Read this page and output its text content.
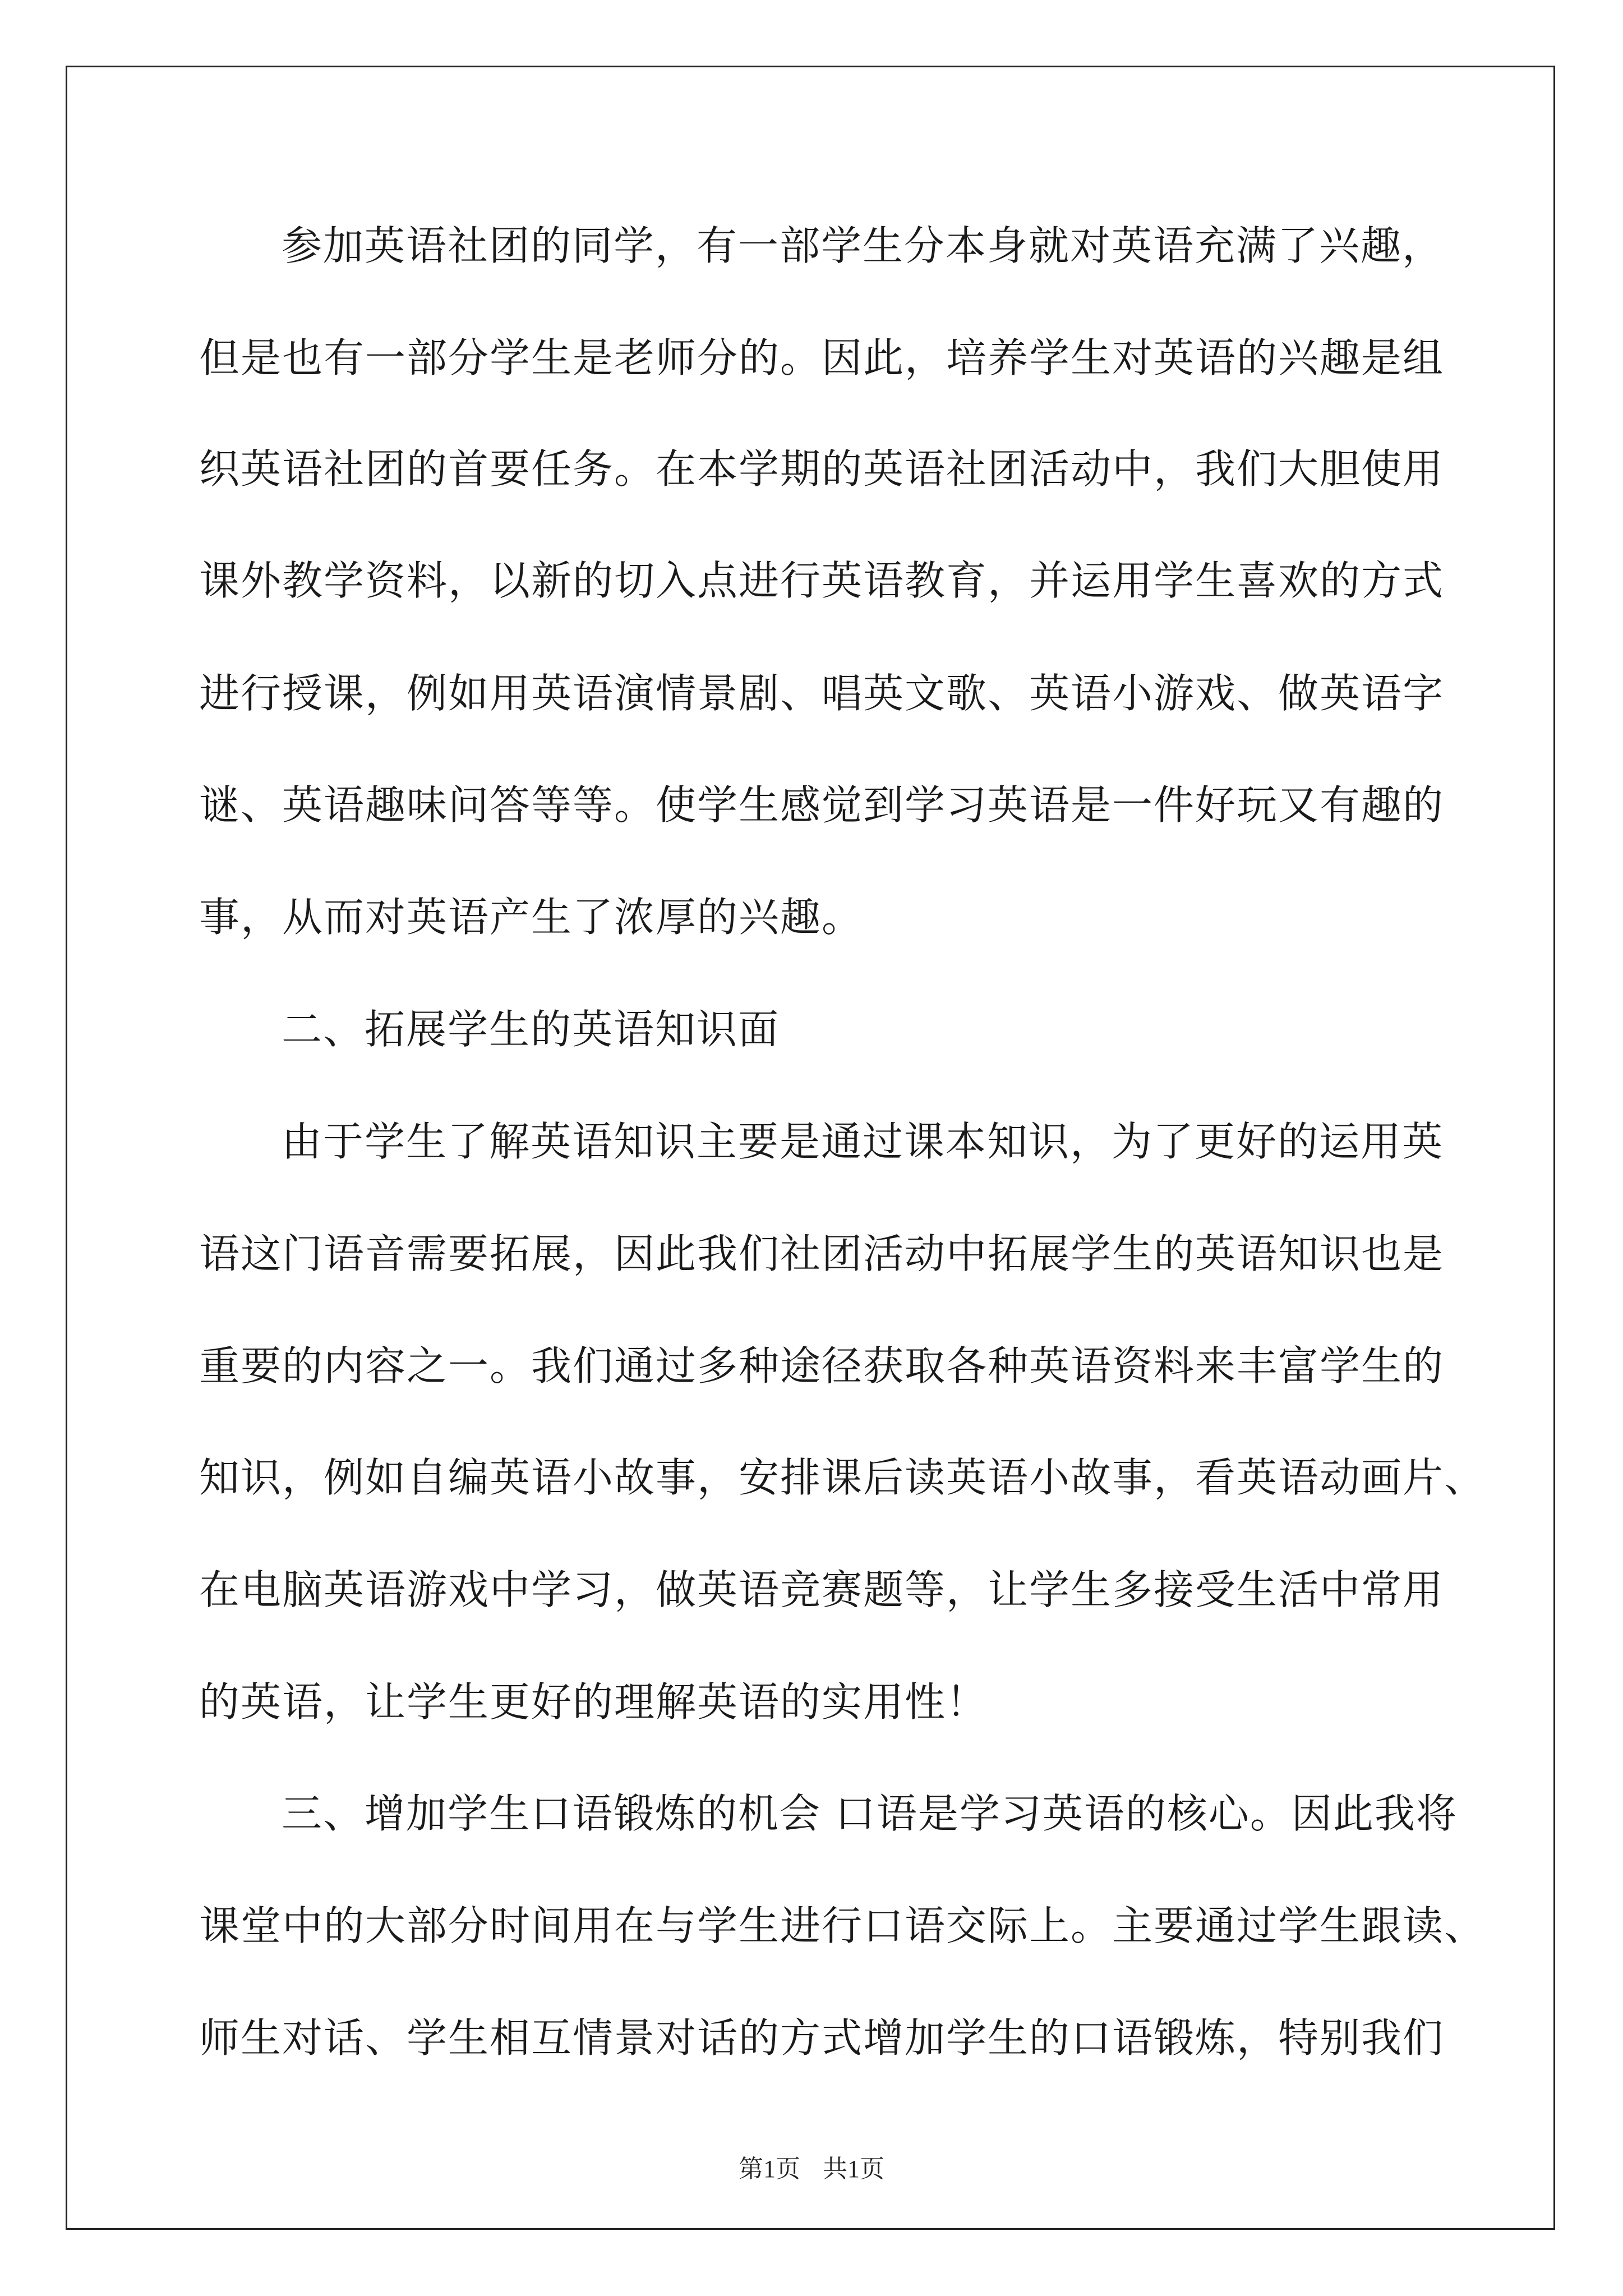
参加英语社团的同学，有一部学生分本身就对英语充满了兴趣，
但是也有一部分学生是老师分的。因此，培养学生对英语的兴趣是组
织英语社团的首要任务。在本学期的英语社团活动中，我们大胆使用
课外教学资料，以新的切入点进行英语教育，并运用学生喜欢的方式
进行授课，例如用英语演情景剧、唱英文歌、英语小游戏、做英语字
谜、英语趣味问答等等。使学生感觉到学习英语是一件好玩又有趣的
事，从而对英语产生了浓厚的兴趣。
二、拓展学生的英语知识面
由于学生了解英语知识主要是通过课本知识，为了更好的运用英
语这门语音需要拓展，因此我们社团活动中拓展学生的英语知识也是
重要的内容之一。我们通过多种途径获取各种英语资料来丰富学生的
知识，例如自编英语小故事，安排课后读英语小故事，看英语动画片、
在电脑英语游戏中学习，做英语竞赛题等，让学生多接受生活中常用
的英语，让学生更好的理解英语的实用性！
三、增加学生口语锻炼的机会 口语是学习英语的核心。因此我将
课堂中的大部分时间用在与学生进行口语交际上。主要通过学生跟读、
师生对话、学生相互情景对话的方式增加学生的口语锻炼，特别我们
第1页 共1页
